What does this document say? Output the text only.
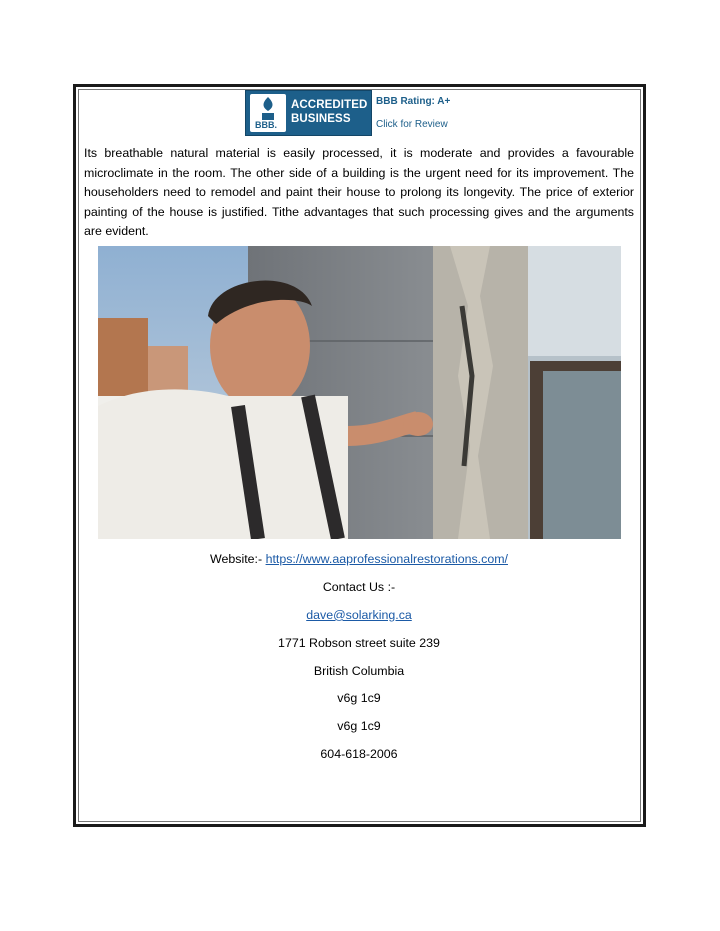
BBB.
ACCREDITED
BUSINESS
BBB Rating: A+
Click for Review
Its breathable natural material is easily processed, it is moderate and provides a favourable microclimate in the room. The other side of a building is the urgent need for its improvement. The householders need to remodel and paint their house to prolong its longevity. The price of exterior painting of the house is justified. Tithe advantages that such processing gives and the arguments are evident.
Website:- https://www.aaprofessionalrestorations.com/
Contact Us :-
dave@solarking.ca
1771 Robson street suite 239
British Columbia
v6g 1c9
v6g 1c9
604-618-2006
